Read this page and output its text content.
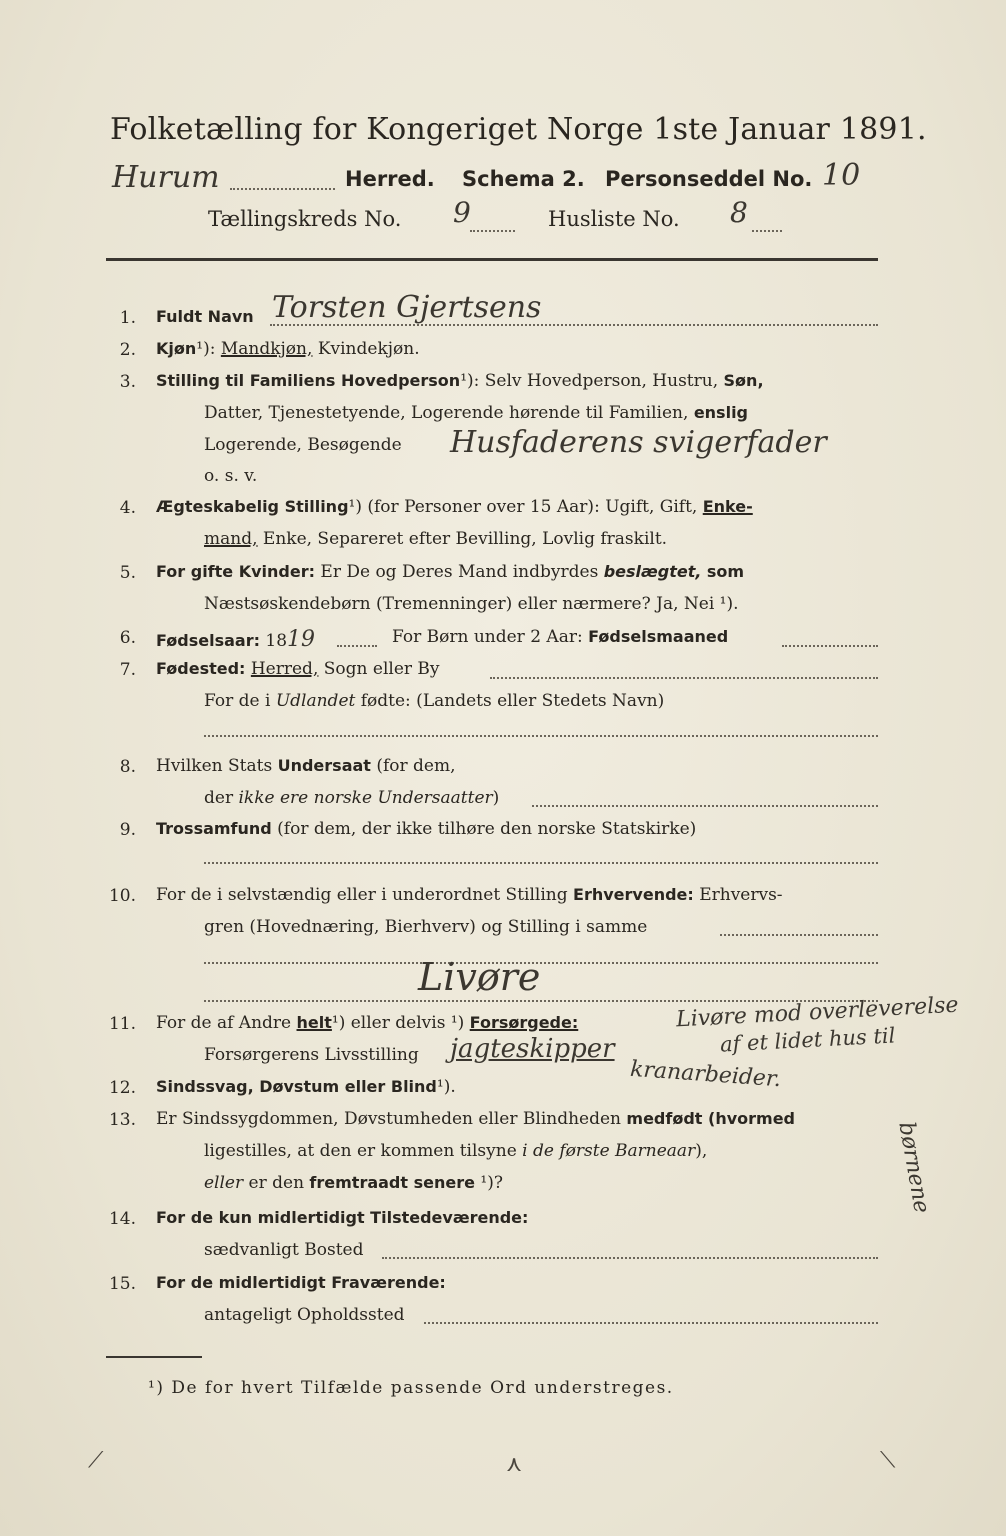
Folketælling for Kongeriget Norge 1ste Januar 1891.
Hurum	Herred. Schema 2. Personseddel No. 10
Tællingskreds No. 9	Husliste No. 8
1. Fuldt Navn Torsten Gjertsens
2. Kjøn¹): Mandkjøn, Kvindekjøn.
3. Stilling til Familiens Hovedperson¹): Selv Hovedperson, Hustru, Søn,
Datter, Tjenestetyende, Logerende hørende til Familien, enslig
Logerende, Besøgende Husfaderens svigerfader
o. s. v.
4. Ægteskabelig Stilling¹) (for Personer over 15 Aar): Ugift, Gift, Enke-
mand, Enke, Separeret efter Bevilling, Lovlig fraskilt.
5. For gifte Kvinder: Er De og Deres Mand indbyrdes beslægtet, som
Næstsøskendebørn (Tremenninger) eller nærmere? Ja, Nei ¹).
6. Fødselsaar: 1819	For Børn under 2 Aar: Fødselsmaaned
7. Fødested: Herred, Sogn eller By
For de i Udlandet fødte: (Landets eller Stedets Navn)
8. Hvilken Stats Undersaat (for dem,
der ikke ere norske Undersaatter)
9. Trossamfund (for dem, der ikke tilhøre den norske Statskirke)
10. For de i selvstændig eller i underordnet Stilling Erhvervende: Erhvervs-
gren (Hovednæring, Bierhverv) og Stilling i samme
Livøre
11. For de af Andre helt¹) eller delvis ¹) Forsørgede:	Livøre mod overleverelse
af et lidet hus til
Forsørgerens Livsstilling jagteskipper
kranarbeider.
børnene
12. Sindssvag, Døvstum eller Blind¹).
13. Er Sindssygdommen, Døvstumheden eller Blindheden medfødt (hvormed
ligestilles, at den er kommen tilsyne i de første Barneaar),
eller er den fremtraadt senere ¹)?
14. For de kun midlertidigt Tilstedeværende:
sædvanligt Bosted
15. For de midlertidigt Fraværende:
antageligt Opholdssted
¹) De for hvert Tilfælde passende Ord understreges.
⟋	⋏	⟍
